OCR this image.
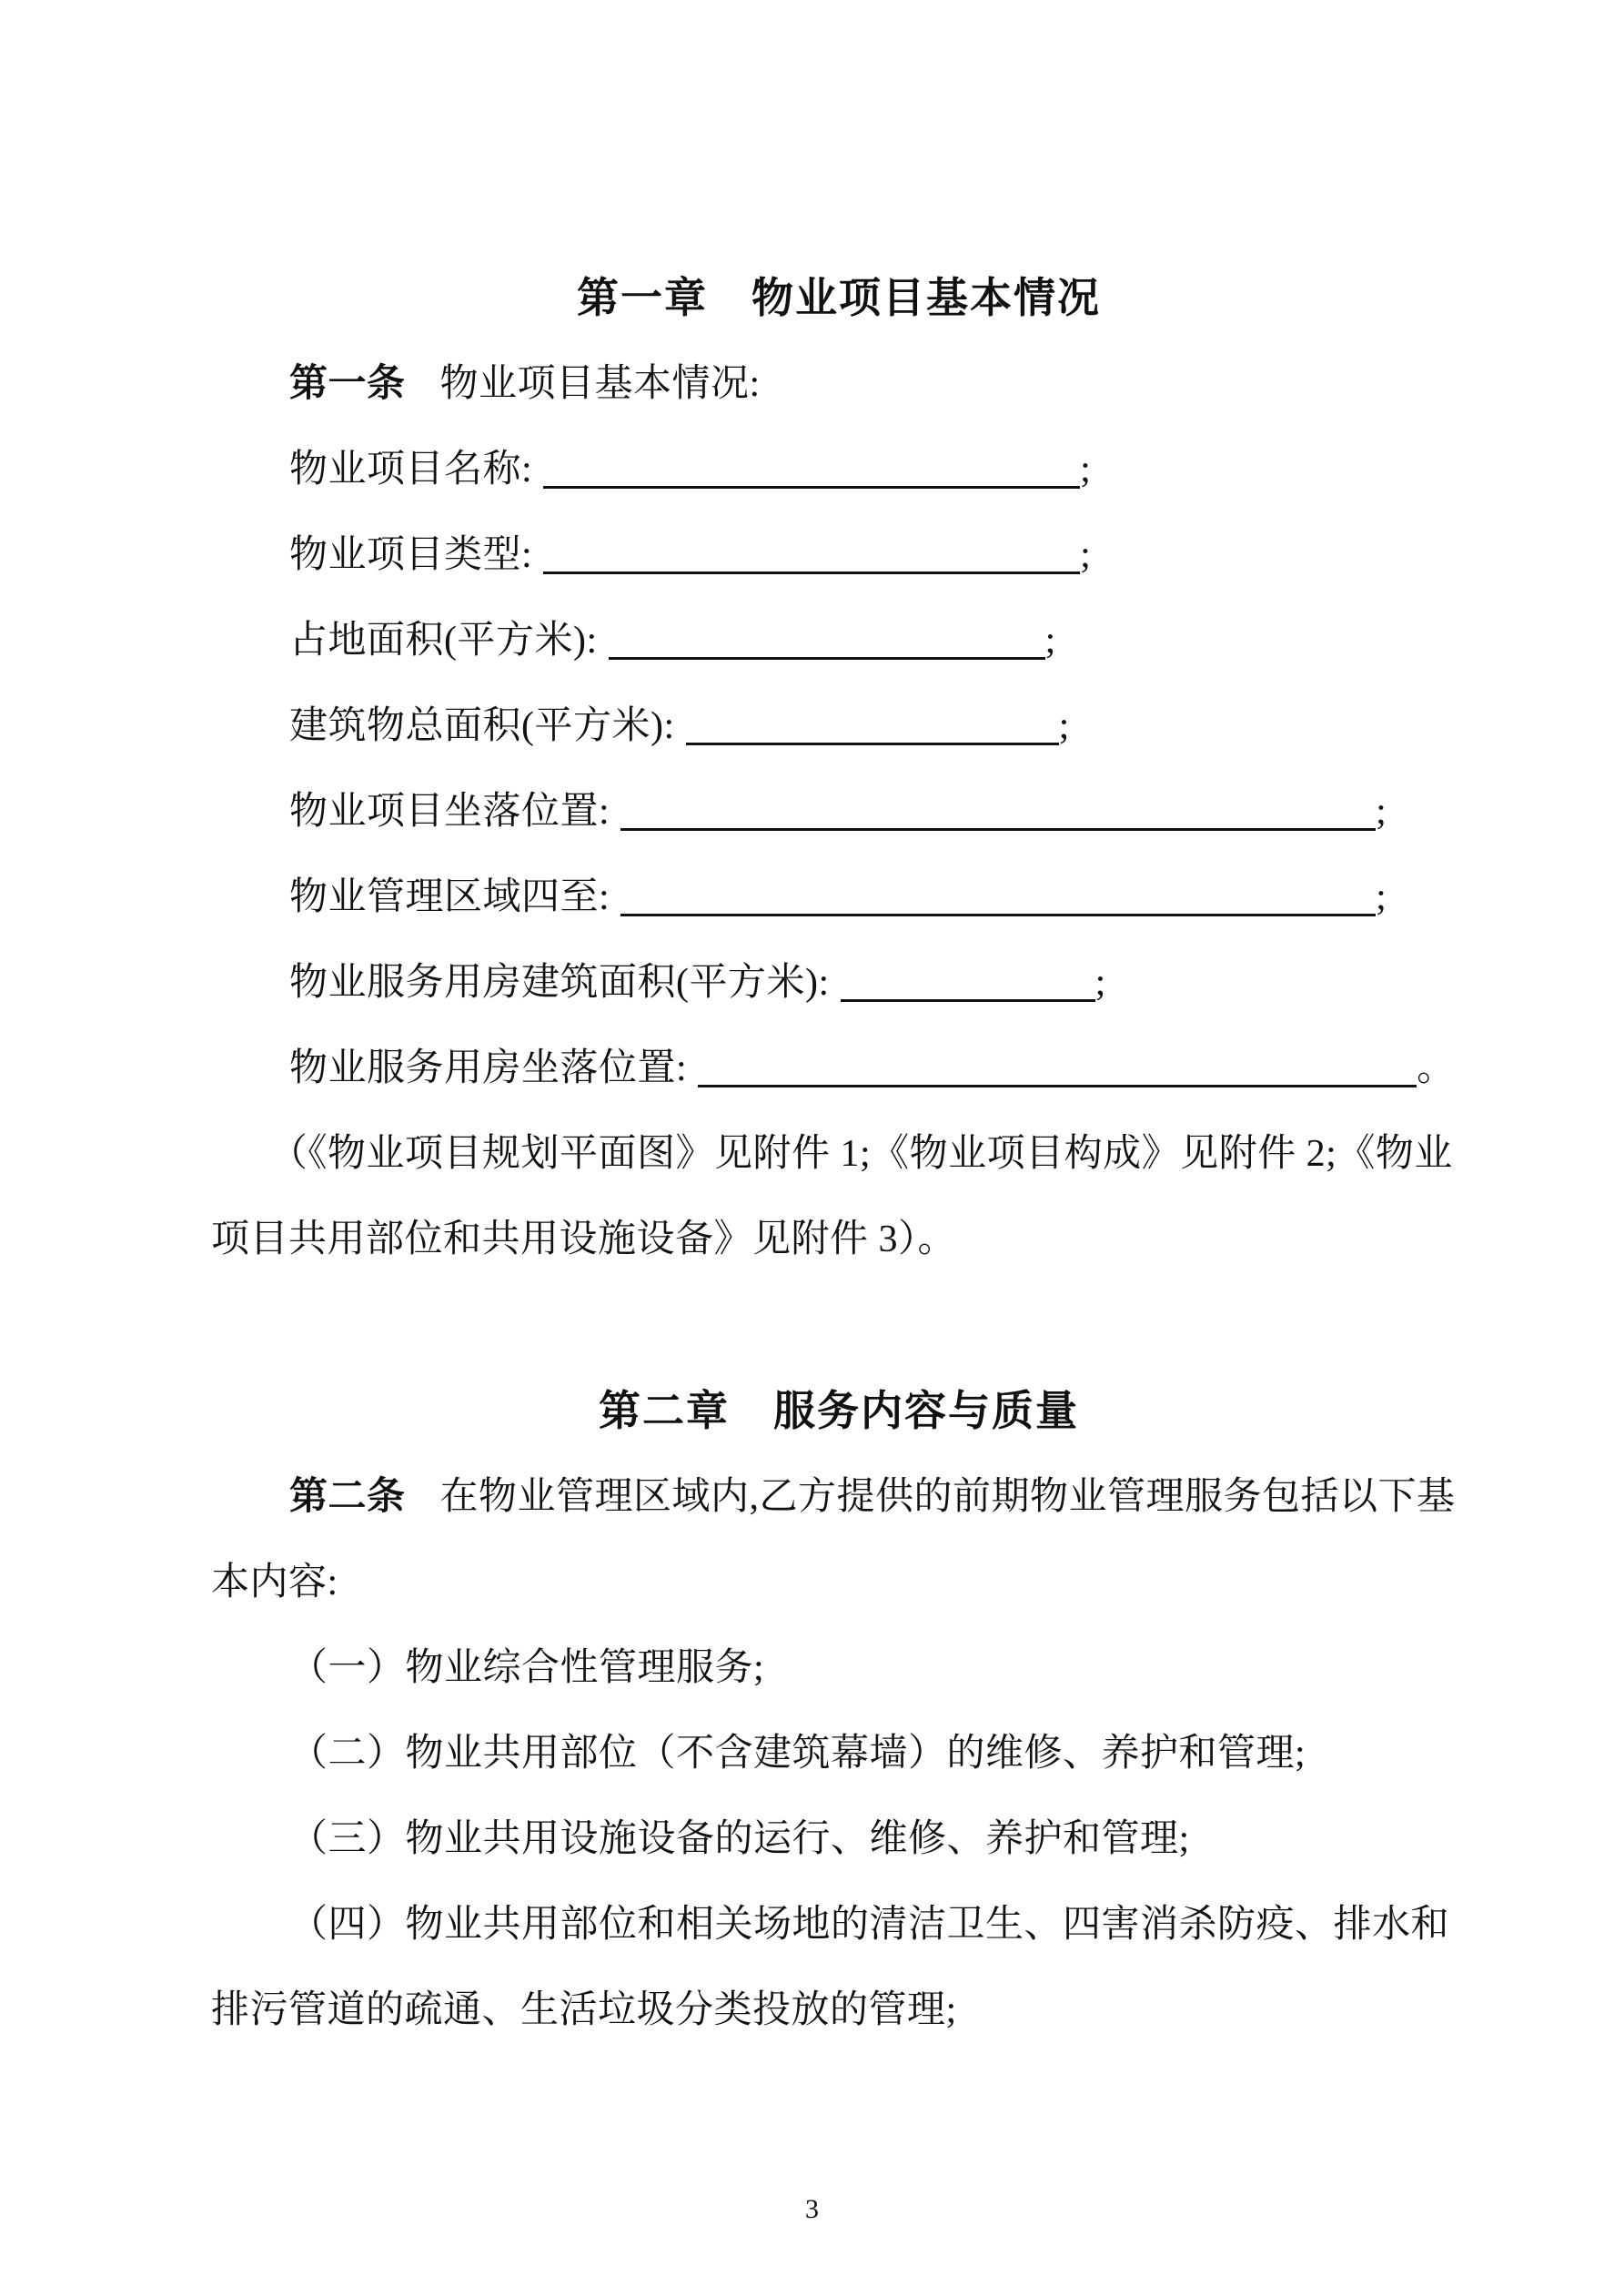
第一章　物业项目基本情况

第一条 物业项目基本情况:

物业项目名称:	;

物业项目类型:	;

占地面积(平方米):	;

建筑物总面积(平方米):	;

物业项目坐落位置:	;

物业管理区域四至:	;

物业服务用房建筑面积(平方米):	;

物业服务用房坐落位置:	。

（《物业项目规划平面图》见附件 1;《物业项目构成》见附件 2;《物业项目共用部位和共用设施设备》见附件 3）。

第二章　服务内容与质量

第二条 在物业管理区域内,乙方提供的前期物业管理服务包括以下基本内容:

（一）物业综合性管理服务;

（二）物业共用部位（不含建筑幕墙）的维修、养护和管理;

（三）物业共用设施设备的运行、维修、养护和管理;

（四）物业共用部位和相关场地的清洁卫生、四害消杀防疫、排水和排污管道的疏通、生活垃圾分类投放的管理;

3
